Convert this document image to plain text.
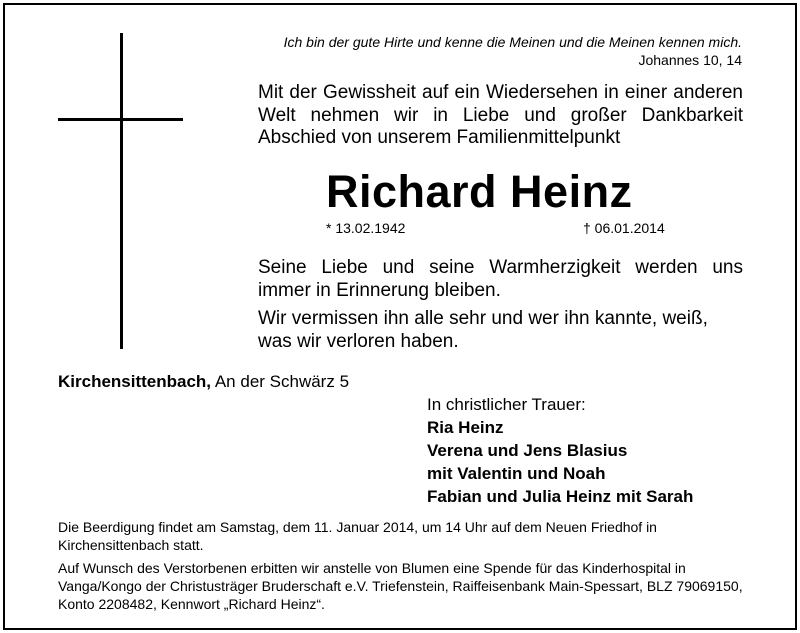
Ich bin der gute Hirte und kenne die Meinen und die Meinen kennen mich.
Johannes 10, 14
Mit der Gewissheit auf ein Wiedersehen in einer anderen Welt nehmen wir in Liebe und großer Dankbarkeit Abschied von unserem Familienmittelpunkt
Richard Heinz
* 13.02.1942	† 06.01.2014
Seine Liebe und seine Warmherzigkeit werden uns immer in Erinnerung bleiben.
Wir vermissen ihn alle sehr und wer ihn kannte, weiß, was wir verloren haben.
Kirchensittenbach, An der Schwärz 5
In christlicher Trauer:
Ria Heinz
Verena und Jens Blasius
mit Valentin und Noah
Fabian und Julia Heinz mit Sarah

Die Beerdigung findet am Samstag, dem 11. Januar 2014, um 14 Uhr auf dem Neuen Friedhof in Kirchensittenbach statt.

Auf Wunsch des Verstorbenen erbitten wir anstelle von Blumen eine Spende für das Kinderhospital in Vanga/Kongo der Christusträger Bruderschaft e.V. Triefenstein, Raiffeisenbank Main-Spessart, BLZ 79069150, Konto 2208482, Kennwort „Richard Heinz“.
